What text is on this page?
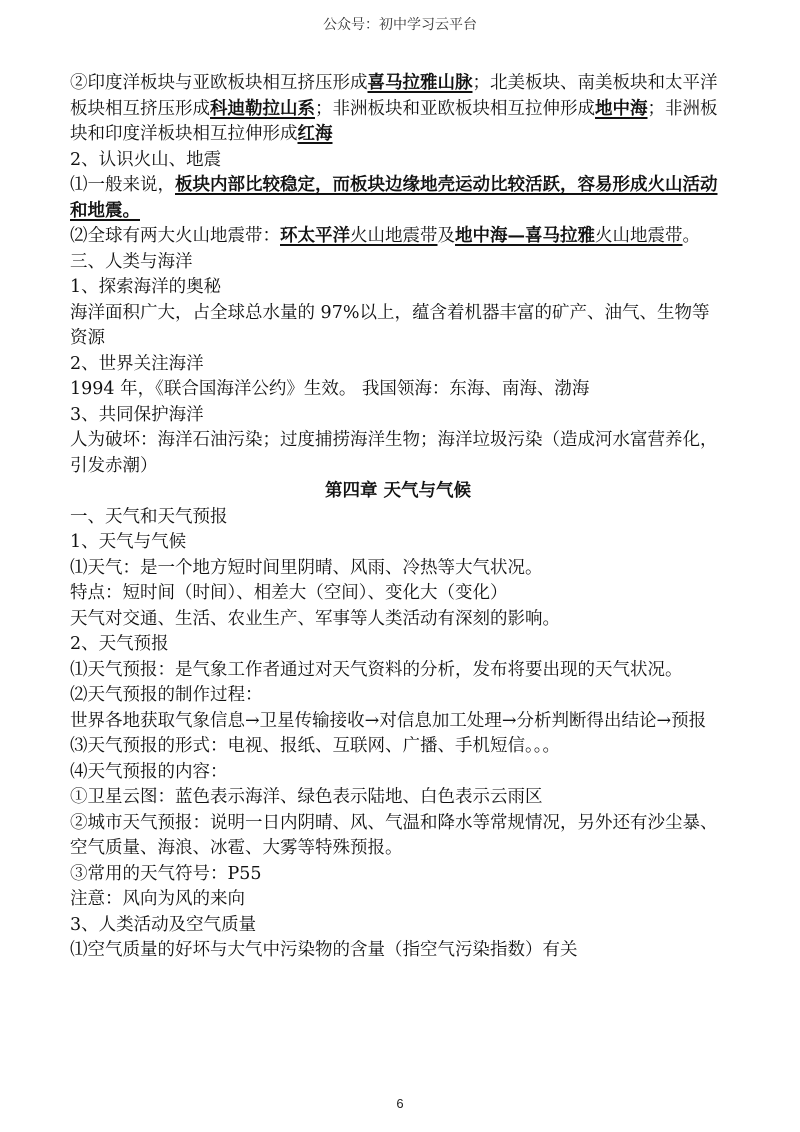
公众号：初中学习云平台

②印度洋板块与亚欧板块相互挤压形成喜马拉雅山脉；北美板块、南美板块和太平洋板块相互挤压形成科迪勒拉山系；非洲板块和亚欧板块相互拉伸形成地中海；非洲板块和印度洋板块相互拉伸形成红海

2、认识火山、地震

⑴一般来说，板块内部比较稳定，而板块边缘地壳运动比较活跃，容易形成火山活动和地震。

⑵全球有两大火山地震带：环太平洋火山地震带及地中海—喜马拉雅火山地震带。

三、人类与海洋

1、探索海洋的奥秘

海洋面积广大，占全球总水量的 97%以上，蕴含着机器丰富的矿产、油气、生物等资源

2、世界关注海洋

1994 年，《联合国海洋公约》生效。 我国领海：东海、南海、渤海

3、共同保护海洋

人为破坏：海洋石油污染；过度捕捞海洋生物；海洋垃圾污染（造成河水富营养化，引发赤潮）

第四章 天气与气候

一、天气和天气预报

1、天气与气候

⑴天气：是一个地方短时间里阴晴、风雨、冷热等大气状况。

特点：短时间（时间）、相差大（空间）、变化大（变化）

天气对交通、生活、农业生产、军事等人类活动有深刻的影响。

2、天气预报

⑴天气预报：是气象工作者通过对天气资料的分析，发布将要出现的天气状况。

⑵天气预报的制作过程：

世界各地获取气象信息→卫星传输接收→对信息加工处理→分析判断得出结论→预报

⑶天气预报的形式：电视、报纸、互联网、广播、手机短信。。。

⑷天气预报的内容：

①卫星云图：蓝色表示海洋、绿色表示陆地、白色表示云雨区

②城市天气预报：说明一日内阴晴、风、气温和降水等常规情况，另外还有沙尘暴、空气质量、海浪、冰雹、大雾等特殊预报。

③常用的天气符号：P55

注意：风向为风的来向

3、人类活动及空气质量

⑴空气质量的好坏与大气中污染物的含量（指空气污染指数）有关

6
